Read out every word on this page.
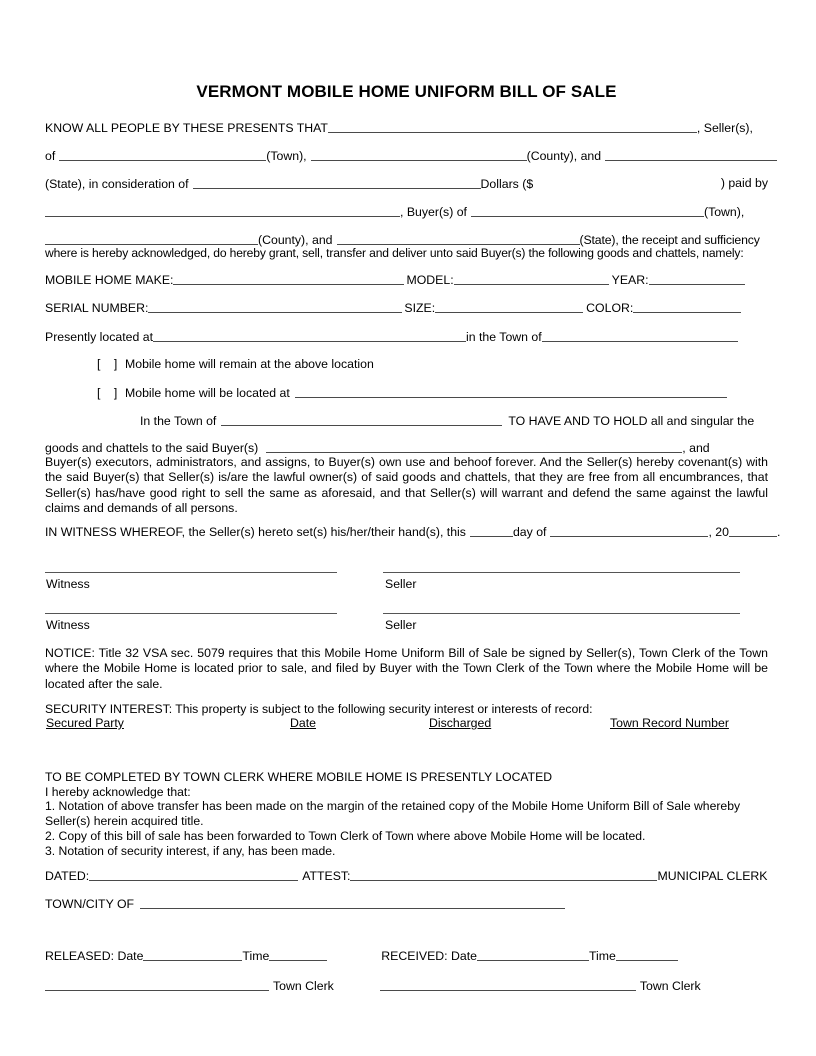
VERMONT MOBILE HOME UNIFORM BILL OF SALE
KNOW ALL PEOPLE BY THESE PRESENTS THAT	, Seller(s),
of	(Town),	(County), and
(State), in consideration of	Dollars ($	) paid by
, Buyer(s) of	(Town),
(County), and	(State), the receipt and sufficiency
where is hereby acknowledged, do hereby grant, sell, transfer and deliver unto said Buyer(s) the following goods and chattels, namely:
MOBILE HOME MAKE:	MODEL:	YEAR:
SERIAL NUMBER:	SIZE:	COLOR:
Presently located at	in the Town of
[ ] Mobile home will remain at the above location
[ ] Mobile home will be located at
In the Town of	TO HAVE AND TO HOLD all and singular the
goods and chattels to the said Buyer(s)	, and
Buyer(s) executors, administrators, and assigns, to Buyer(s) own use and behoof forever. And the Seller(s) hereby covenant(s) with the said Buyer(s) that Seller(s) is/are the lawful owner(s) of said goods and chattels, that they are free from all encumbrances, that Seller(s) has/have good right to sell the same as aforesaid, and that Seller(s) will warrant and defend the same against the lawful claims and demands of all persons.
IN WITNESS WHEREOF, the Seller(s) hereto set(s) his/her/their hand(s), this	day of	, 20	.
Witness	Seller
Witness	Seller
NOTICE: Title 32 VSA sec. 5079 requires that this Mobile Home Uniform Bill of Sale be signed by Seller(s), Town Clerk of the Town where the Mobile Home is located prior to sale, and filed by Buyer with the Town Clerk of the Town where the Mobile Home will be located after the sale.
SECURITY INTEREST: This property is subject to the following security interest or interests of record:
Secured Party	Date	Discharged	Town Record Number
TO BE COMPLETED BY TOWN CLERK WHERE MOBILE HOME IS PRESENTLY LOCATED
I hereby acknowledge that:
1. Notation of above transfer has been made on the margin of the retained copy of the Mobile Home Uniform Bill of Sale whereby Seller(s) herein acquired title.
2. Copy of this bill of sale has been forwarded to Town Clerk of Town where above Mobile Home will be located.
3. Notation of security interest, if any, has been made.
DATED:	ATTEST:	MUNICIPAL CLERK
TOWN/CITY OF
RELEASED: Date	Time	RECEIVED: Date	Time
Town Clerk	Town Clerk
